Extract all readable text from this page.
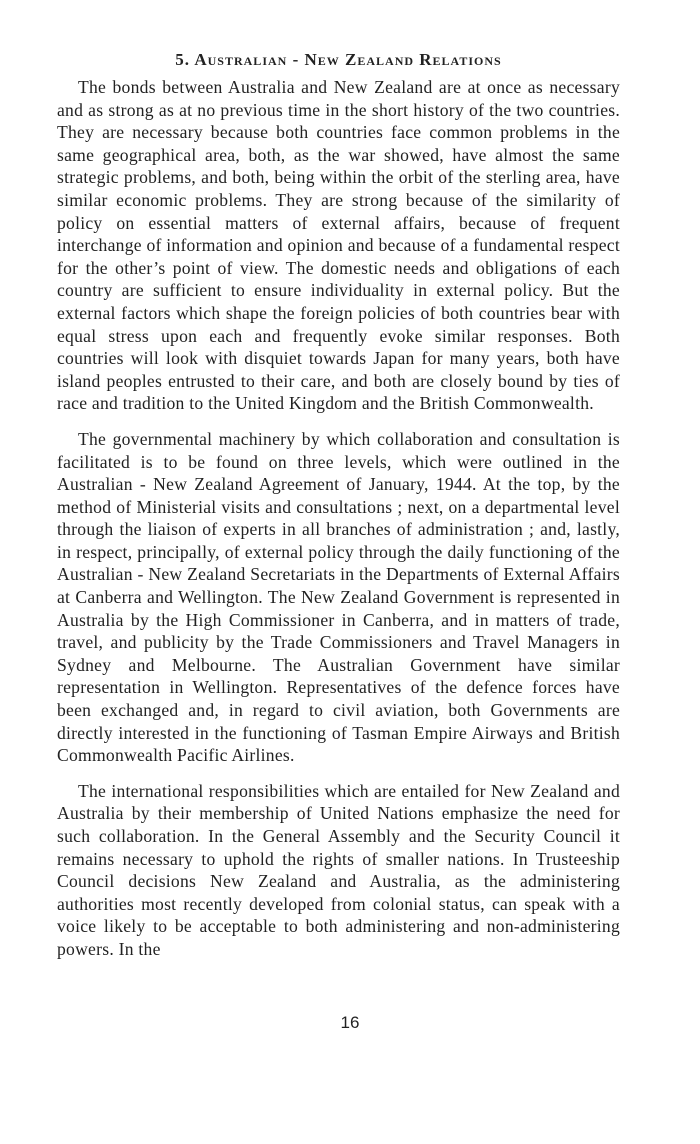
5. Australian - New Zealand Relations

The bonds between Australia and New Zealand are at once as necessary and as strong as at no previous time in the short history of the two countries. They are necessary because both countries face common problems in the same geographical area, both, as the war showed, have almost the same strategic problems, and both, being within the orbit of the sterling area, have similar economic problems. They are strong because of the similarity of policy on essential matters of external affairs, because of frequent interchange of information and opinion and because of a fundamental respect for the other’s point of view. The domestic needs and obligations of each country are sufficient to ensure individuality in external policy. But the external factors which shape the foreign policies of both countries bear with equal stress upon each and frequently evoke similar responses. Both countries will look with disquiet towards Japan for many years, both have island peoples entrusted to their care, and both are closely bound by ties of race and tradition to the United Kingdom and the British Commonwealth.

The governmental machinery by which collaboration and consultation is facilitated is to be found on three levels, which were outlined in the Australian - New Zealand Agreement of January, 1944. At the top, by the method of Ministerial visits and consultations ; next, on a departmental level through the liaison of experts in all branches of administration ; and, lastly, in respect, principally, of external policy through the daily functioning of the Australian - New Zealand Secretariats in the Departments of External Affairs at Canberra and Wellington. The New Zealand Government is represented in Australia by the High Commissioner in Canberra, and in matters of trade, travel, and publicity by the Trade Commissioners and Travel Managers in Sydney and Melbourne. The Australian Government have similar representation in Wellington. Representatives of the defence forces have been exchanged and, in regard to civil aviation, both Governments are directly interested in the functioning of Tasman Empire Airways and British Commonwealth Pacific Airlines.

The international responsibilities which are entailed for New Zealand and Australia by their membership of United Nations emphasize the need for such collaboration. In the General Assembly and the Security Council it remains necessary to uphold the rights of smaller nations. In Trusteeship Council decisions New Zealand and Australia, as the administering authorities most recently developed from colonial status, can speak with a voice likely to be acceptable to both administering and non-administering powers. In the

16
